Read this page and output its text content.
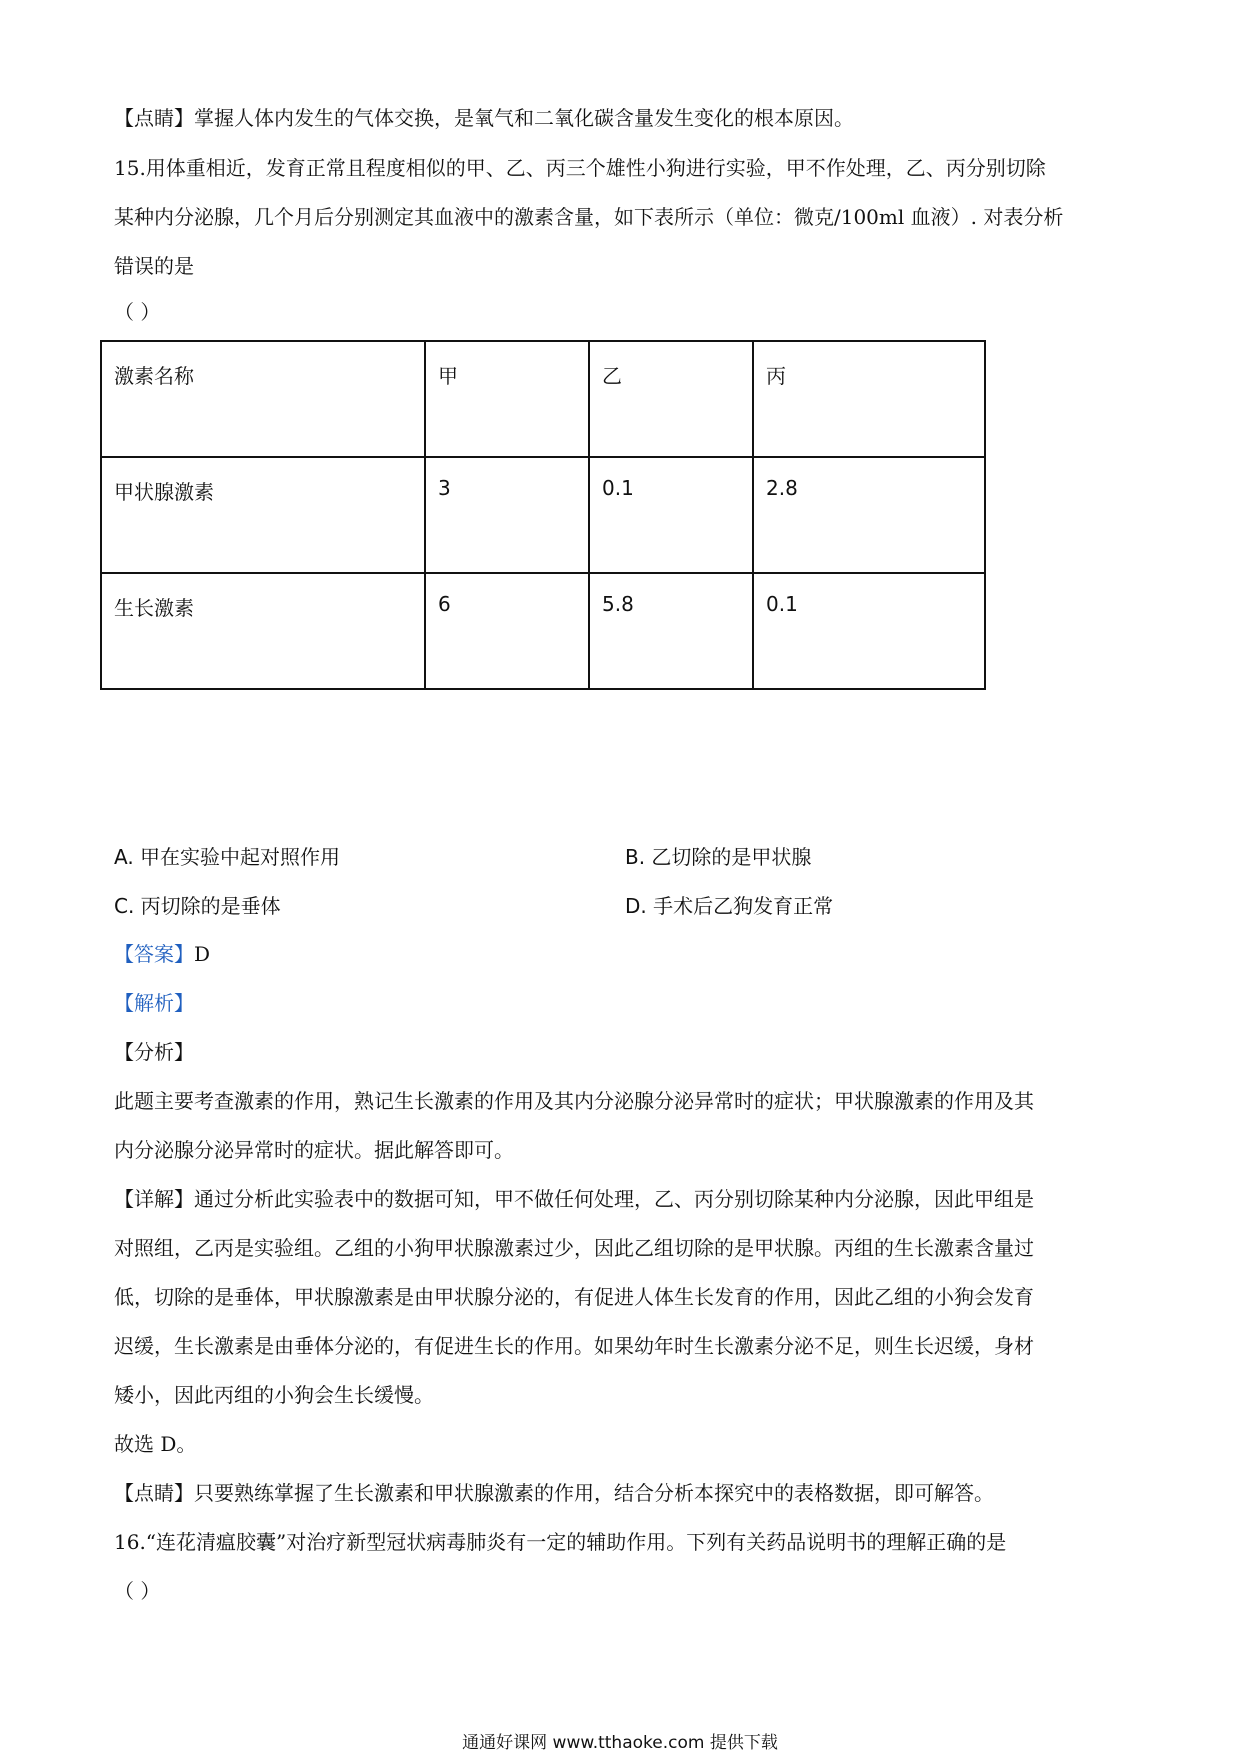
【点睛】掌握人体内发生的气体交换，是氧气和二氧化碳含量发生变化的根本原因。
15.用体重相近，发育正常且程度相似的甲、乙、丙三个雄性小狗进行实验，甲不作处理，乙、丙分别切除
某种内分泌腺，几个月后分别测定其血液中的激素含量，如下表所示（单位：微克/100ml 血液）. 对表分析
错误的是
（ ）
激素名称	甲	乙	丙
甲状腺激素	3	0.1	2.8
生长激素	6	5.8	0.1
A. 甲在实验中起对照作用	B. 乙切除的是甲状腺
C. 丙切除的是垂体	D. 手术后乙狗发育正常
【答案】D
【解析】
【分析】
此题主要考查激素的作用，熟记生长激素的作用及其内分泌腺分泌异常时的症状；甲状腺激素的作用及其
内分泌腺分泌异常时的症状。据此解答即可。
【详解】通过分析此实验表中的数据可知，甲不做任何处理，乙、丙分别切除某种内分泌腺，因此甲组是
对照组，乙丙是实验组。乙组的小狗甲状腺激素过少，因此乙组切除的是甲状腺。丙组的生长激素含量过
低，切除的是垂体，甲状腺激素是由甲状腺分泌的，有促进人体生长发育的作用，因此乙组的小狗会发育
迟缓，生长激素是由垂体分泌的，有促进生长的作用。如果幼年时生长激素分泌不足，则生长迟缓，身材
矮小，因此丙组的小狗会生长缓慢。
故选 D。
【点睛】只要熟练掌握了生长激素和甲状腺激素的作用，结合分析本探究中的表格数据，即可解答。
16.“连花清瘟胶囊”对治疗新型冠状病毒肺炎有一定的辅助作用。下列有关药品说明书的理解正确的是
（ ）
通通好课网 www.tthaoke.com 提供下载
